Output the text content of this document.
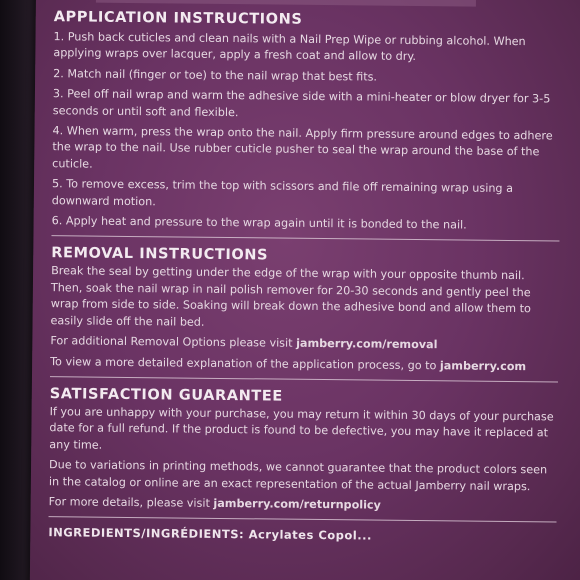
APPLICATION INSTRUCTIONS

1. Push back cuticles and clean nails with a Nail Prep Wipe or rubbing alcohol. When applying wraps over lacquer, apply a fresh coat and allow to dry.

2. Match nail (finger or toe) to the nail wrap that best fits.

3. Peel off nail wrap and warm the adhesive side with a mini-heater or blow dryer for 3-5 seconds or until soft and flexible.

4. When warm, press the wrap onto the nail. Apply firm pressure around edges to adhere the wrap to the nail. Use rubber cuticle pusher to seal the wrap around the base of the cuticle.

5. To remove excess, trim the top with scissors and file off remaining wrap using a downward motion.

6. Apply heat and pressure to the wrap again until it is bonded to the nail.

REMOVAL INSTRUCTIONS

Break the seal by getting under the edge of the wrap with your opposite thumb nail. Then, soak the nail wrap in nail polish remover for 20-30 seconds and gently peel the wrap from side to side. Soaking will break down the adhesive bond and allow them to easily slide off the nail bed.

For additional Removal Options please visit jamberry.com/removal

To view a more detailed explanation of the application process, go to jamberry.com

SATISFACTION GUARANTEE

If you are unhappy with your purchase, you may return it within 30 days of your purchase date for a full refund. If the product is found to be defective, you may have it replaced at any time.

Due to variations in printing methods, we cannot guarantee that the product colors seen in the catalog or online are an exact representation of the actual Jamberry nail wraps.

For more details, please visit jamberry.com/returnpolicy

INGREDIENTS/INGRÉDIENTS: Acrylates Copol...
